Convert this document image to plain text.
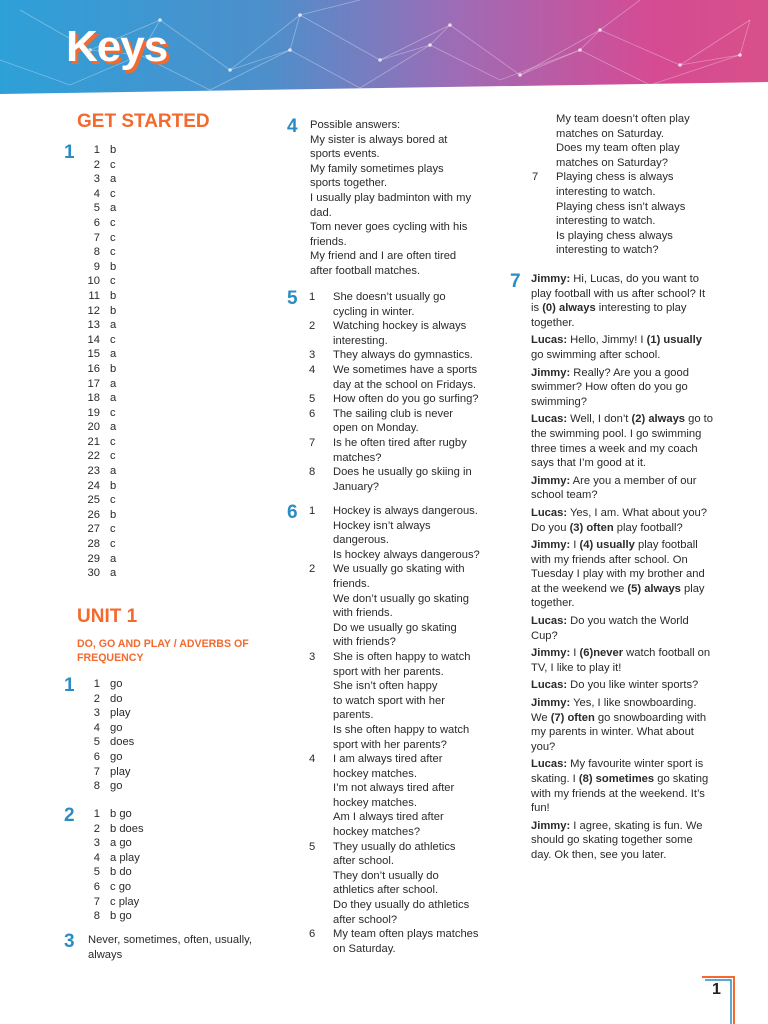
Keys
GET STARTED
1	1 b
2 c
3 a
4 c
5 a
6 c
7 c
8 c
9 b
10 c
11 b
12 b
13 a
14 c
15 a
16 b
17 a
18 a
19 c
20 a
21 c
22 c
23 a
24 b
25 c
26 b
27 c
28 c
29 a
30 a
UNIT 1
DO, GO AND PLAY / ADVERBS OF FREQUENCY
1	1 go
2 do
3 play
4 go
5 does
6 go
7 play
8 go
2	1 b go
2 b does
3 a go
4 a play
5 b do
6 c go
7 c play
8 b go
3 Never, sometimes, often, usually,
always
4 Possible answers:
My sister is always bored at
sports events.
My family sometimes plays
sports together.
I usually play badminton with my
dad.
Tom never goes cycling with his
friends.
My friend and I are often tired
after football matches.
5 1	She doesn’t usually go
cycling in winter.
2	Watching hockey is always
interesting.
3	They always do gymnastics.
4	We sometimes have a sports
day at the school on Fridays.
5	How often do you go surfing?
6	The sailing club is never
open on Monday.
7	Is he often tired after rugby
matches?
8	Does he usually go skiing in
January?
6 1	Hockey is always dangerous.
Hockey isn’t always
dangerous.
Is hockey always dangerous?
2	We usually go skating with
friends.
We don’t usually go skating
with friends.
Do we usually go skating
with friends?
3	She is often happy to watch
sport with her parents.
She isn’t often happy
to watch sport with her
parents.
Is she often happy to watch
sport with her parents?
4	I am always tired after
hockey matches.
I’m not always tired after
hockey matches.
Am I always tired after
hockey matches?
5	They usually do athletics
after school.
They don’t usually do
athletics after school.
Do they usually do athletics
after school?
6	My team often plays matches
on Saturday.
My team doesn’t often play
matches on Saturday.
Does my team often play
matches on Saturday?
7	Playing chess is always
interesting to watch.
Playing chess isn’t always
interesting to watch.
Is playing chess always
interesting to watch?
7 Jimmy: Hi, Lucas, do you want to play football with us after school? It is (0) always interesting to play together.
Lucas: Hello, Jimmy! I (1) usually go swimming after school.
Jimmy: Really? Are you a good swimmer? How often do you go swimming?
Lucas: Well, I don’t (2) always go to the swimming pool. I go swimming three times a week and my coach says that I’m good at it.
Jimmy: Are you a member of our school team?
Lucas: Yes, I am. What about you? Do you (3) often play football?
Jimmy: I (4) usually play football with my friends after school. On Tuesday I play with my brother and at the weekend we (5) always play together.
Lucas: Do you watch the World Cup?
Jimmy: I (6)never watch football on TV, I like to play it!
Lucas: Do you like winter sports?
Jimmy: Yes, I like snowboarding. We (7) often go snowboarding with my parents in winter. What about you?
Lucas: My favourite winter sport is skating. I (8) sometimes go skating with my friends at the weekend. It’s fun!
Jimmy: I agree, skating is fun. We should go skating together some day. Ok then, see you later.
1
